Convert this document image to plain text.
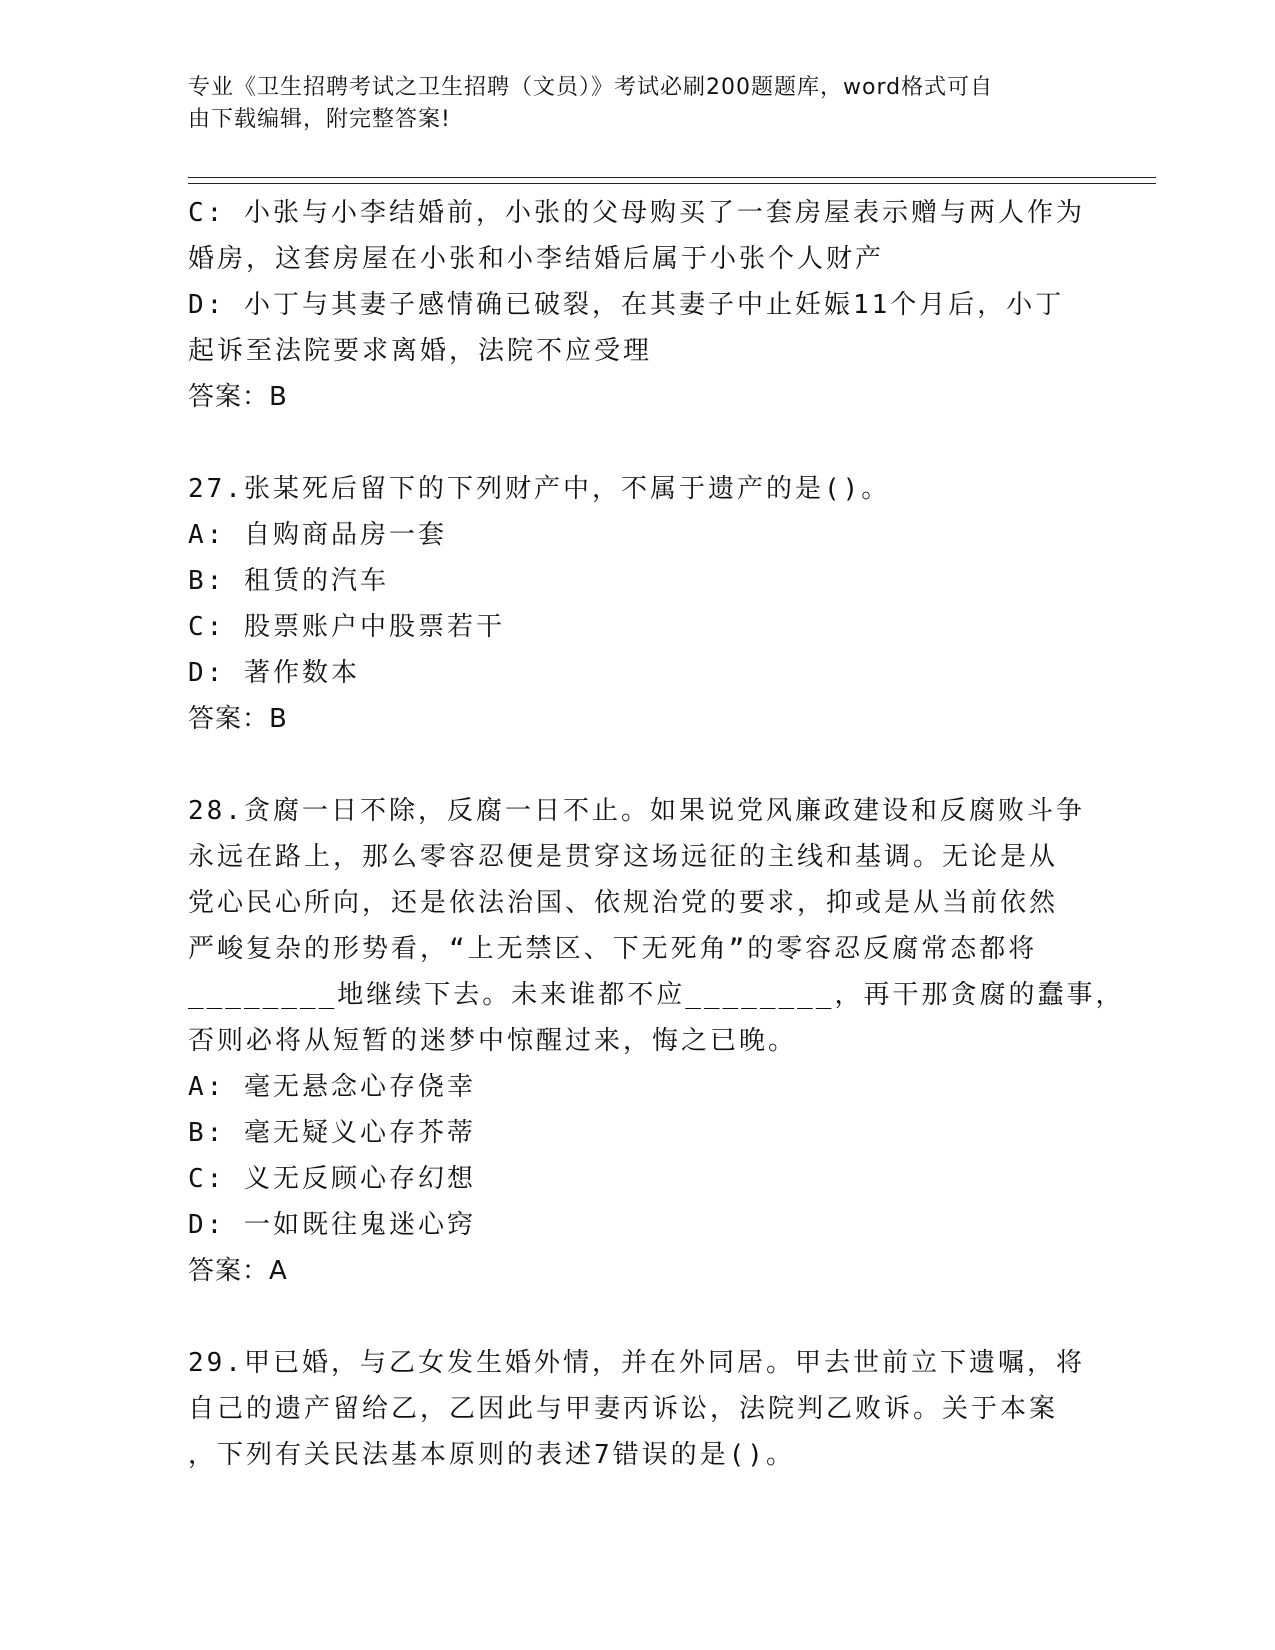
专业《卫生招聘考试之卫生招聘（文员）》考试必刷200题题库，word格式可自
由下载编辑，附完整答案!
C: 小张与小李结婚前，小张的父母购买了一套房屋表示赠与两人作为
婚房，这套房屋在小张和小李结婚后属于小张个人财产
D: 小丁与其妻子感情确已破裂，在其妻子中止妊娠11个月后，小丁
起诉至法院要求离婚，法院不应受理
答案：B
27.张某死后留下的下列财产中，不属于遗产的是()。
A: 自购商品房一套
B: 租赁的汽车
C: 股票账户中股票若干
D: 著作数本
答案：B
28.贪腐一日不除，反腐一日不止。如果说党风廉政建设和反腐败斗争
永远在路上，那么零容忍便是贯穿这场远征的主线和基调。无论是从
党心民心所向，还是依法治国、依规治党的要求，抑或是从当前依然
严峻复杂的形势看，“上无禁区、下无死角”的零容忍反腐常态都将
________地继续下去。未来谁都不应________，再干那贪腐的蠢事，
否则必将从短暂的迷梦中惊醒过来，悔之已晚。
A: 毫无悬念心存侥幸
B: 毫无疑义心存芥蒂
C: 义无反顾心存幻想
D: 一如既往鬼迷心窍
答案：A
29.甲已婚，与乙女发生婚外情，并在外同居。甲去世前立下遗嘱，将
自己的遗产留给乙，乙因此与甲妻丙诉讼，法院判乙败诉。关于本案
，下列有关民法基本原则的表述7错误的是()。
